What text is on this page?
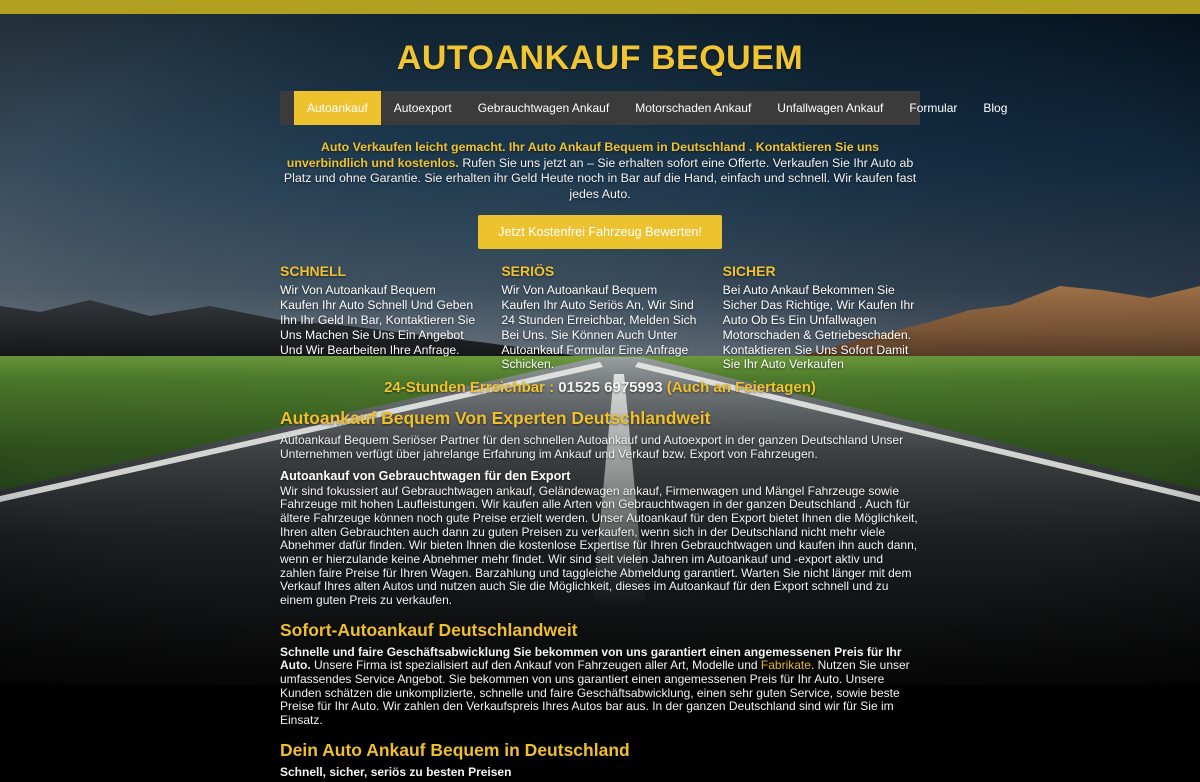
AUTOANKAUF BEQUEM
Autoankauf	Autoexport	Gebrauchtwagen Ankauf	Motorschaden Ankauf	Unfallwagen Ankauf	Formular	Blog

Auto Verkaufen leicht gemacht. Ihr Auto Ankauf Bequem in Deutschland . Kontaktieren Sie uns unverbindlich und kostenlos. Rufen Sie uns jetzt an – Sie erhalten sofort eine Offerte. Verkaufen Sie Ihr Auto ab Platz und ohne Garantie. Sie erhalten ihr Geld Heute noch in Bar auf die Hand, einfach und schnell. Wir kaufen fast jedes Auto.

Jetzt Kostenfrei Fahrzeug Bewerten!
SCHNELL

Wir Von Autoankauf Bequem Kaufen Ihr Auto Schnell Und Geben Ihn Ihr Geld In Bar, Kontaktieren Sie Uns Machen Sie Uns Ein Angebot Und Wir Bearbeiten Ihre Anfrage.

SERIÖS

Wir Von Autoankauf Bequem Kaufen Ihr Auto Seriös An, Wir Sind 24 Stunden Erreichbar, Melden Sich Bei Uns. Sie Können Auch Unter Autoankauf Formular Eine Anfrage Schicken.

SICHER

Bei Auto Ankauf Bekommen Sie Sicher Das Richtige, Wir Kaufen Ihr Auto Ob Es Ein Unfallwagen Motorschaden & Getriebeschaden. Kontaktieren Sie Uns Sofort Damit Sie Ihr Auto Verkaufen

24-Stunden Erreichbar : 01525 6975993 (Auch an Feiertagen)
Autoankauf Bequem Von Experten Deutschlandweit

Autoankauf Bequem Seriöser Partner für den schnellen Autoankauf und Autoexport in der ganzen Deutschland Unser Unternehmen verfügt über jahrelange Erfahrung im Ankauf und Verkauf bzw. Export von Fahrzeugen.

Autoankauf von Gebrauchtwagen für den Export

Wir sind fokussiert auf Gebrauchtwagen ankauf, Geländewagen ankauf, Firmenwagen und Mängel Fahrzeuge sowie Fahrzeuge mit hohen Laufleistungen. Wir kaufen alle Arten von Gebrauchtwagen in der ganzen Deutschland . Auch für ältere Fahrzeuge können noch gute Preise erzielt werden. Unser Autoankauf für den Export bietet Ihnen die Möglichkeit, Ihren alten Gebrauchten auch dann zu guten Preisen zu verkaufen, wenn sich in der Deutschland nicht mehr viele Abnehmer dafür finden. Wir bieten Ihnen die kostenlose Expertise für Ihren Gebrauchtwagen und kaufen ihn auch dann, wenn er hierzulande keine Abnehmer mehr findet. Wir sind seit vielen Jahren im Autoankauf und -export aktiv und zahlen faire Preise für Ihren Wagen. Barzahlung und taggleiche Abmeldung garantiert. Warten Sie nicht länger mit dem Verkauf Ihres alten Autos und nutzen auch Sie die Möglichkeit, dieses im Autoankauf für den Export schnell und zu einem guten Preis zu verkaufen.

Sofort-Autoankauf Deutschlandweit

Schnelle und faire Geschäftsabwicklung Sie bekommen von uns garantiert einen angemessenen Preis für Ihr Auto. Unsere Firma ist spezialisiert auf den Ankauf von Fahrzeugen aller Art, Modelle und Fabrikate. Nutzen Sie unser umfassendes Service Angebot. Sie bekommen von uns garantiert einen angemessenen Preis für Ihr Auto. Unsere Kunden schätzen die unkomplizierte, schnelle und faire Geschäftsabwicklung, einen sehr guten Service, sowie beste Preise für Ihr Auto. Wir zahlen den Verkaufspreis Ihres Autos bar aus. In der ganzen Deutschland sind wir für Sie im Einsatz.

Dein Auto Ankauf Bequem in Deutschland

Schnell, sicher, seriös zu besten Preisen
